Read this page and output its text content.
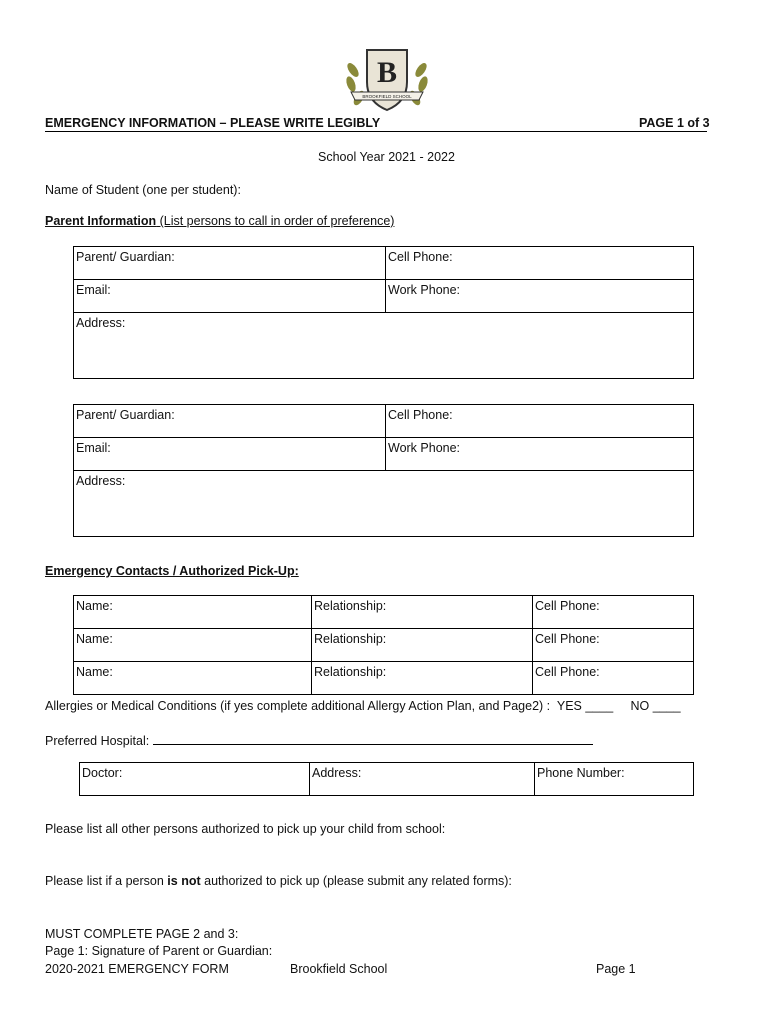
B
BROOKFIELD SCHOOL
EMERGENCY INFORMATION – PLEASE WRITE LEGIBLY	PAGE 1 of 3
School Year 2021 - 2022
Name of Student (one per student):
Parent Information (List persons to call in order of preference)
Parent/ Guardian:	Cell Phone:
Email:	Work Phone:
Address:	
Parent/ Guardian:	Cell Phone:
Email:	Work Phone:
Address:	
Emergency Contacts / Authorized Pick-Up:
Name:	Relationship:	Cell Phone:
Name:	Relationship:	Cell Phone:
Name:	Relationship:	Cell Phone:
Allergies or Medical Conditions (if yes complete additional Allergy Action Plan, and Page2) :  YES ____     NO ____
Preferred Hospital:
Doctor:	Address:	Phone Number:
Please list all other persons authorized to pick up your child from school:
Please list if a person is not authorized to pick up (please submit any related forms):
MUST COMPLETE PAGE 2 and 3:
Page 1: Signature of Parent or Guardian:
2020-2021 EMERGENCY FORM	Brookfield School	Page 1
